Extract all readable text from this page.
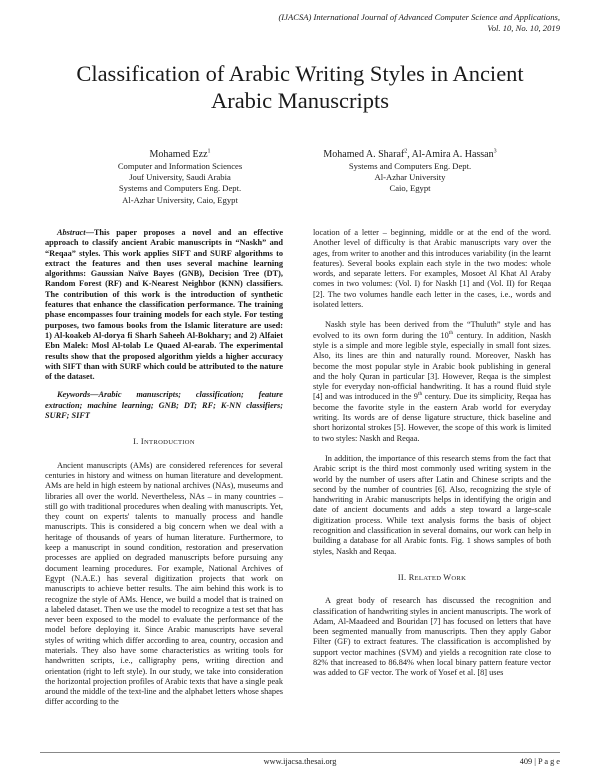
(IJACSA) International Journal of Advanced Computer Science and Applications,
Vol. 10, No. 10, 2019
Classification of Arabic Writing Styles in Ancient
Arabic Manuscripts
Mohamed Ezz$^1$
Computer and Information Sciences
Jouf University, Saudi Arabia
Systems and Computers Eng. Dept.
Al-Azhar University, Caio, Egypt
Mohamed A. Sharaf$^2$, Al-Amira A. Hassan$^3$
Systems and Computers Eng. Dept.
Al-Azhar University
Caio, Egypt

Abstract—This paper proposes a novel and an effective approach to classify ancient Arabic manuscripts in “Naskh” and “Reqaa” styles. This work applies SIFT and SURF algorithms to extract the features and then uses several machine learning algorithms: Gaussian Naïve Bayes (GNB), Decision Tree (DT), Random Forest (RF) and K-Nearest Neighbor (KNN) classifiers. The contribution of this work is the introduction of synthetic features that enhance the classification performance. The training phase encompasses four training models for each style. For testing purposes, two famous books from the Islamic literature are used: 1) Al-koakeb Al-dorya fi Sharh Saheeh Al-Bokhary; and 2) Alfaiet Ebn Malek: Mosl Al-tolab Le Quaed Al-earab. The experimental results show that the proposed algorithm yields a higher accuracy with SIFT than with SURF which could be attributed to the nature of the dataset.

Keywords—Arabic manuscripts; classification; feature extraction; machine learning; GNB; DT; RF; K-NN classifiers; SURF; SIFT

I. INTRODUCTION

Ancient manuscripts (AMs) are considered references for several centuries in history and witness on human literature and development. AMs are held in high esteem by national archives (NAs), museums and libraries all over the world. Nevertheless, NAs – in many countries – still go with traditional procedures when dealing with manuscripts. Yet, they count on experts' talents to manually process and handle manuscripts. This is considered a big concern when we deal with a heritage of thousands of years of human literature. Furthermore, to keep a manuscript in sound condition, restoration and preservation processes are applied on degraded manuscripts before pursuing any document learning procedures. For example, National Archives of Egypt (N.A.E.) has several digitization projects that work on manuscripts to achieve better results. The aim behind this work is to recognize the style of AMs. Hence, we build a model that is trained on a labeled dataset. Then we use the model to recognize a test set that has never been exposed to the model to evaluate the performance of the model before deploying it. Since Arabic manuscripts have several styles of writing which differ according to area, country, occasion and materials. They also have some characteristics as writing tools for handwritten scripts, i.e., calligraphy pens, writing direction and orientation (right to left style). In our study, we take into consideration the horizontal projection profiles of Arabic texts that have a single peak around the middle of the text-line and the alphabet letters whose shapes differ according to the

location of a letter – beginning, middle or at the end of the word. Another level of difficulty is that Arabic manuscripts vary over the ages, from writer to another and this introduces variability (in the learnt features). Several books explain each style in the two modes: whole words, and separate letters. For examples, Mosoet Al Khat Al Araby comes in two volumes: (Vol. I) for Naskh [1] and (Vol. II) for Reqaa [2]. The two volumes handle each letter in the cases, i.e., words and isolated letters.

Naskh style has been derived from the “Thuluth” style and has evolved to its own form during the 10th century. In addition, Naskh style is a simple and more legible style, especially in small font sizes. Also, its lines are thin and naturally round. Moreover, Naskh has become the most popular style in Arabic book publishing in general and the holy Quran in particular [3]. However, Reqaa is the simplest style for everyday non-official handwriting. It has a round fluid style [4] and was introduced in the 9th century. Due its simplicity, Reqaa has become the favorite style in the eastern Arab world for everyday writing. Its words are of dense ligature structure, thick baseline and short horizontal strokes [5]. However, the scope of this work is limited to two styles: Naskh and Reqaa.

In addition, the importance of this research stems from the fact that Arabic script is the third most commonly used writing system in the world by the number of users after Latin and Chinese scripts and the second by the number of countries [6]. Also, recognizing the style of handwriting in Arabic manuscripts helps in identifying the origin and date of ancient documents and adds a step toward a large-scale digitization process. While text analysis forms the basis of object recognition and classification in several domains, our work can help in building a database for all Arabic fonts. Fig. 1 shows samples of both styles, Naskh and Reqaa.

II. RELATED WORK

A great body of research has discussed the recognition and classification of handwriting styles in ancient manuscripts. The work of Adam, Al-Maadeed and Bouridan [7] has focused on letters that have been segmented manually from manuscripts. Then they apply Gabor Filter (GF) to extract features. The classification is accomplished by support vector machines (SVM) and yields a recognition rate close to 82% that increased to 86.84% when local binary pattern feature vector was added to GF vector. The work of Yosef et al. [8] uses

www.ijacsa.thesai.org	409 | P a g e
